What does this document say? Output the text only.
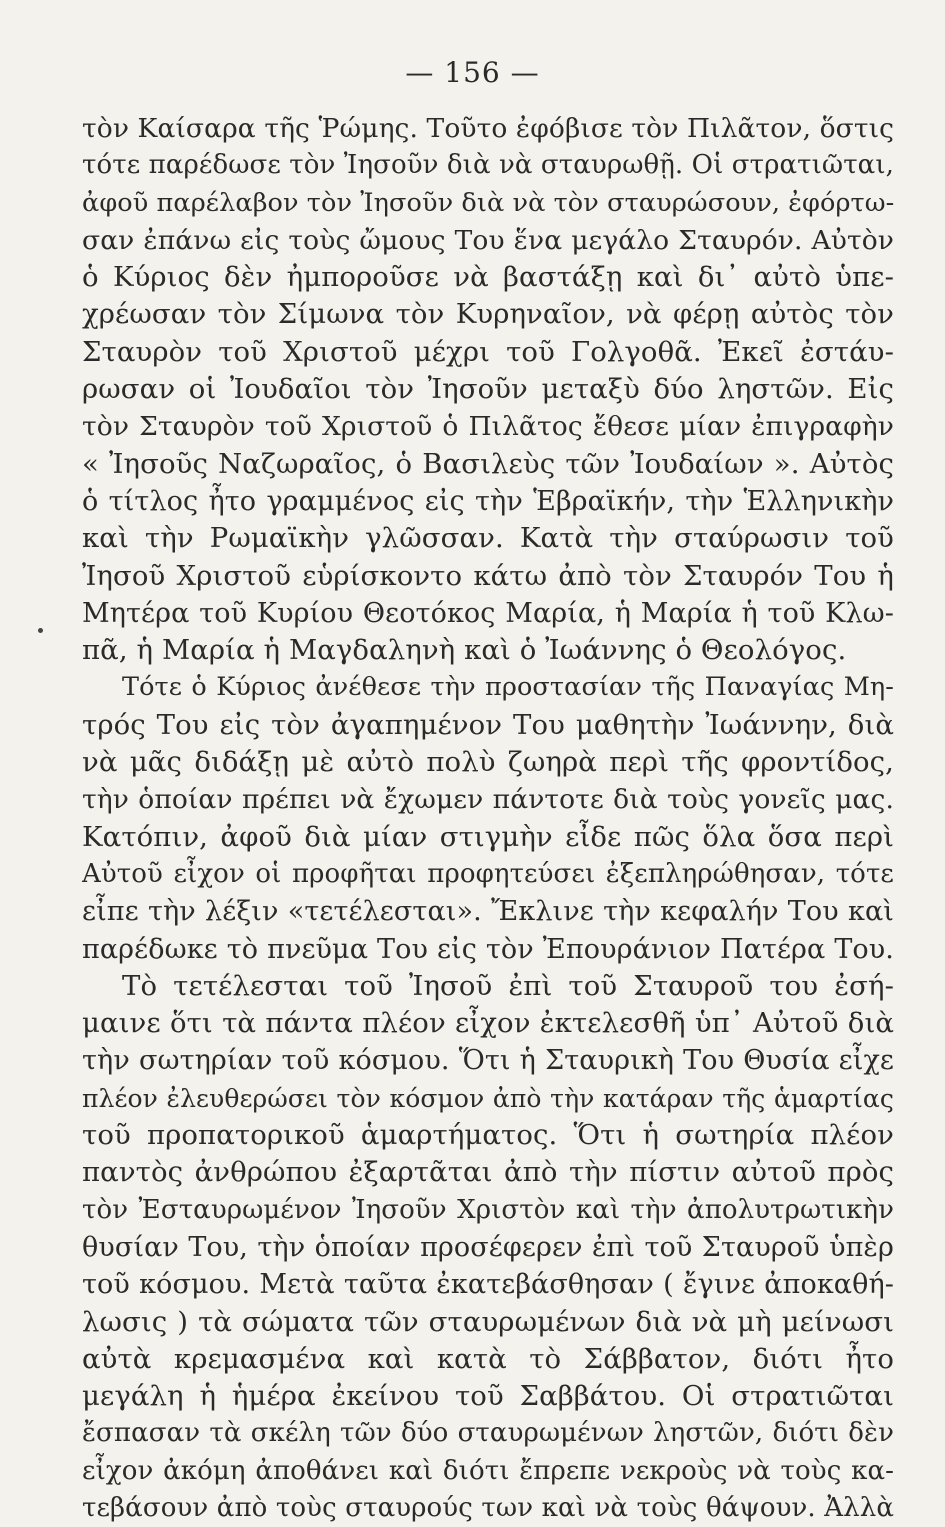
— 156 —
τὸν Καίσαρα τῆς Ῥώμης. Τοῦτο ἐφόβισε τὸν Πιλᾶτον, ὅστις
τότε παρέδωσε τὸν Ἰησοῦν διὰ νὰ σταυρωθῇ. Οἱ στρατιῶται,
ἀφοῦ παρέλαβον τὸν Ἰησοῦν διὰ νὰ τὸν σταυρώσουν, ἐφόρτω-
σαν ἐπάνω εἰς τοὺς ὤμους Του ἕνα μεγάλο Σταυρόν. Αὐτὸν
ὁ Κύριος δὲν ἠμποροῦσε νὰ βαστάξῃ καὶ δι᾽ αὐτὸ ὑπε-
χρέωσαν τὸν Σίμωνα τὸν Κυρηναῖον, νὰ φέρῃ αὐτὸς τὸν
Σταυρὸν τοῦ Χριστοῦ μέχρι τοῦ Γολγοθᾶ. Ἐκεῖ ἐστάυ-
ρωσαν οἱ Ἰουδαῖοι τὸν Ἰησοῦν μεταξὺ δύο ληστῶν. Εἰς
τὸν Σταυρὸν τοῦ Χριστοῦ ὁ Πιλᾶτος ἔθεσε μίαν ἐπιγραφὴν
« Ἰησοῦς Ναζωραῖος, ὁ Βασιλεὺς τῶν Ἰουδαίων ». Αὐτὸς
ὁ τίτλος ἦτο γραμμένος εἰς τὴν Ἑβραϊκήν, τὴν Ἑλληνικὴν
καὶ τὴν Ρωμαϊκὴν γλῶσσαν. Κατὰ τὴν σταύρωσιν τοῦ
Ἰησοῦ Χριστοῦ εὑρίσκοντο κάτω ἀπὸ τὸν Σταυρόν Του ἡ
Μητέρα τοῦ Κυρίου Θεοτόκος Μαρία, ἡ Μαρία ἡ τοῦ Κλω-
πᾶ, ἡ Μαρία ἡ Μαγδαληνὴ καὶ ὁ Ἰωάννης ὁ Θεολόγος.
Τότε ὁ Κύριος ἀνέθεσε τὴν προστασίαν τῆς Παναγίας Μη-
τρός Του εἰς τὸν ἀγαπημένον Του μαθητὴν Ἰωάννην, διὰ
νὰ μᾶς διδάξῃ μὲ αὐτὸ πολὺ ζωηρὰ περὶ τῆς φροντίδος,
τὴν ὁποίαν πρέπει νὰ ἔχωμεν πάντοτε διὰ τοὺς γονεῖς μας.
Κατόπιν, ἀφοῦ διὰ μίαν στιγμὴν εἶδε πῶς ὅλα ὅσα περὶ
Αὐτοῦ εἶχον οἱ προφῆται προφητεύσει ἐξεπληρώθησαν, τότε
εἶπε τὴν λέξιν «τετέλεσται». Ἔκλινε τὴν κεφαλήν Του καὶ
παρέδωκε τὸ πνεῦμα Του εἰς τὸν Ἐπουράνιον Πατέρα Του.
Τὸ τετέλεσται τοῦ Ἰησοῦ ἐπὶ τοῦ Σταυροῦ του ἐσή-
μαινε ὅτι τὰ πάντα πλέον εἶχον ἐκτελεσθῆ ὑπ᾽ Αὐτοῦ διὰ
τὴν σωτηρίαν τοῦ κόσμου. Ὅτι ἡ Σταυρικὴ Του Θυσία εἶχε
πλέον ἐλευθερώσει τὸν κόσμον ἀπὸ τὴν κατάραν τῆς ἁμαρτίας
τοῦ προπατορικοῦ ἁμαρτήματος. Ὅτι ἡ σωτηρία πλέον
παντὸς ἀνθρώπου ἐξαρτᾶται ἀπὸ τὴν πίστιν αὐτοῦ πρὸς
τὸν Ἐσταυρωμένον Ἰησοῦν Χριστὸν καὶ τὴν ἀπολυτρωτικὴν
θυσίαν Του, τὴν ὁποίαν προσέφερεν ἐπὶ τοῦ Σταυροῦ ὑπὲρ
τοῦ κόσμου. Μετὰ ταῦτα ἐκατεβάσθησαν ( ἔγινε ἀποκαθή-
λωσις ) τὰ σώματα τῶν σταυρωμένων διὰ νὰ μὴ μείνωσι
αὐτὰ κρεμασμένα καὶ κατὰ τὸ Σάββατον, διότι ἦτο
μεγάλη ἡ ἡμέρα ἐκείνου τοῦ Σαββάτου. Οἱ στρατιῶται
ἔσπασαν τὰ σκέλη τῶν δύο σταυρωμένων ληστῶν, διότι δὲν
εἶχον ἀκόμη ἀποθάνει καὶ διότι ἔπρεπε νεκροὺς νὰ τοὺς κα-
τεβάσουν ἀπὸ τοὺς σταυρούς των καὶ νὰ τοὺς θάψουν. Ἀλλὰ
